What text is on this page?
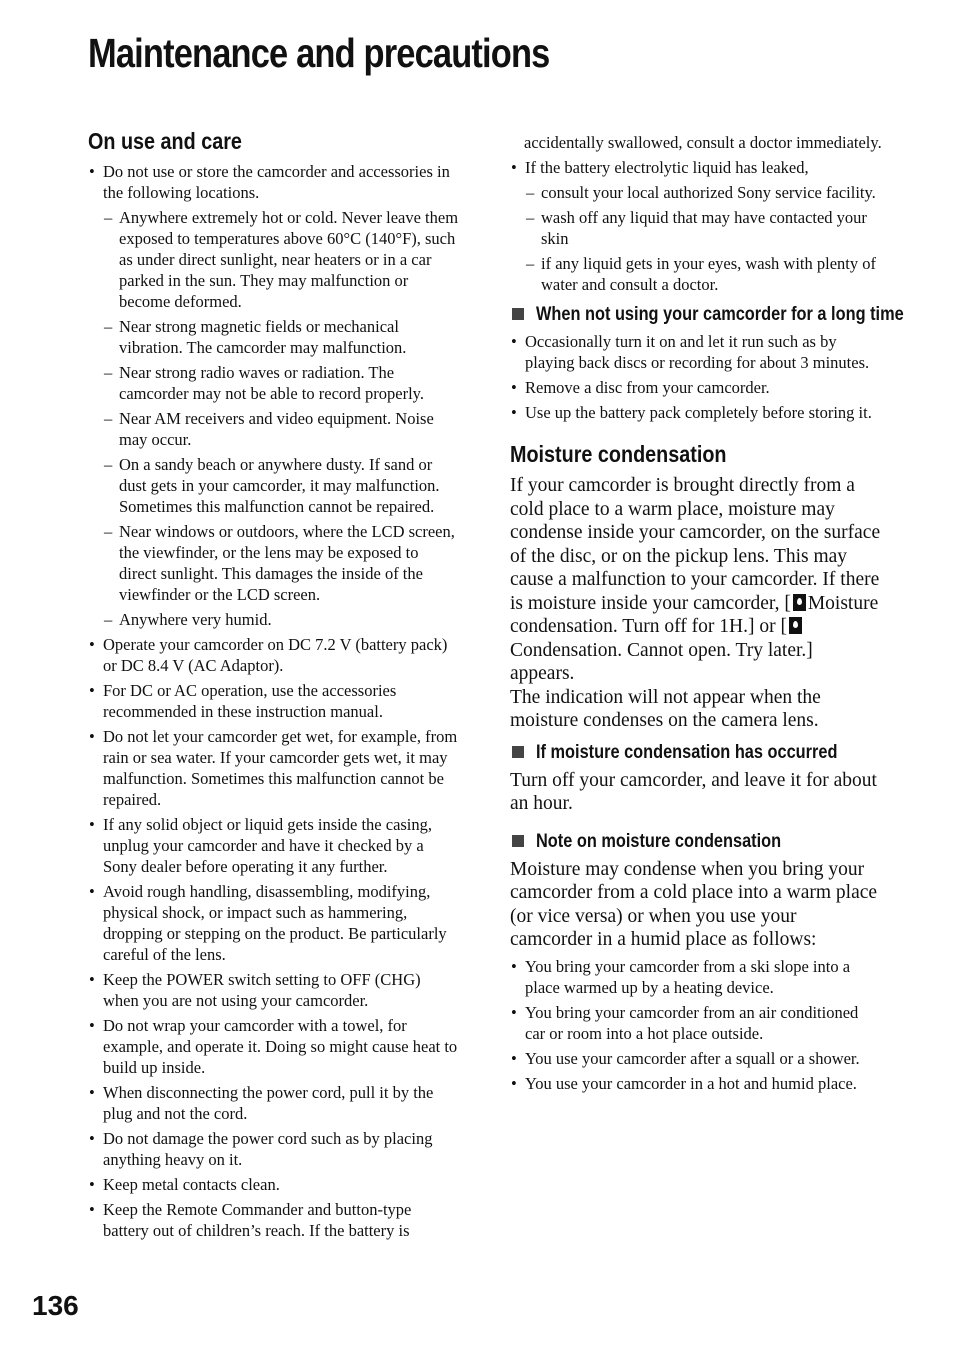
Maintenance and precautions
On use and care
• Do not use or store the camcorder and accessories in the following locations.
– Anywhere extremely hot or cold. Never leave them exposed to temperatures above 60°C (140°F), such as under direct sunlight, near heaters or in a car parked in the sun. They may malfunction or become deformed.
– Near strong magnetic fields or mechanical vibration. The camcorder may malfunction.
– Near strong radio waves or radiation. The camcorder may not be able to record properly.
– Near AM receivers and video equipment. Noise may occur.
– On a sandy beach or anywhere dusty. If sand or dust gets in your camcorder, it may malfunction. Sometimes this malfunction cannot be repaired.
– Near windows or outdoors, where the LCD screen, the viewfinder, or the lens may be exposed to direct sunlight. This damages the inside of the viewfinder or the LCD screen.
– Anywhere very humid.
• Operate your camcorder on DC 7.2 V (battery pack) or DC 8.4 V (AC Adaptor).
• For DC or AC operation, use the accessories recommended in these instruction manual.
• Do not let your camcorder get wet, for example, from rain or sea water. If your camcorder gets wet, it may malfunction. Sometimes this malfunction cannot be repaired.
• If any solid object or liquid gets inside the casing, unplug your camcorder and have it checked by a Sony dealer before operating it any further.
• Avoid rough handling, disassembling, modifying, physical shock, or impact such as hammering, dropping or stepping on the product. Be particularly careful of the lens.
• Keep the POWER switch setting to OFF (CHG) when you are not using your camcorder.
• Do not wrap your camcorder with a towel, for example, and operate it. Doing so might cause heat to build up inside.
• When disconnecting the power cord, pull it by the plug and not the cord.
• Do not damage the power cord such as by placing anything heavy on it.
• Keep metal contacts clean.
• Keep the Remote Commander and button-type battery out of children’s reach. If the battery is

accidentally swallowed, consult a doctor immediately.

• If the battery electrolytic liquid has leaked,
– consult your local authorized Sony service facility.
– wash off any liquid that may have contacted your skin
– if any liquid gets in your eyes, wash with plenty of water and consult a doctor.
When not using your camcorder for a long time
• Occasionally turn it on and let it run such as by playing back discs or recording for about 3 minutes.
• Remove a disc from your camcorder.
• Use up the battery pack completely before storing it.
Moisture condensation

If your camcorder is brought directly from a cold place to a warm place, moisture may condense inside your camcorder, on the surface of the disc, or on the pickup lens. This may cause a malfunction to your camcorder. If there is moisture inside your camcorder, [ Moisture condensation. Turn off for 1H.] or [Condensation. Cannot open. Try later.] appears.

The indication will not appear when the moisture condenses on the camera lens.

If moisture condensation has occurred

Turn off your camcorder, and leave it for about an hour.

Note on moisture condensation

Moisture may condense when you bring your camcorder from a cold place into a warm place (or vice versa) or when you use your camcorder in a humid place as follows:

• You bring your camcorder from a ski slope into a place warmed up by a heating device.
• You bring your camcorder from an air conditioned car or room into a hot place outside.
• You use your camcorder after a squall or a shower.
• You use your camcorder in a hot and humid place.
136
